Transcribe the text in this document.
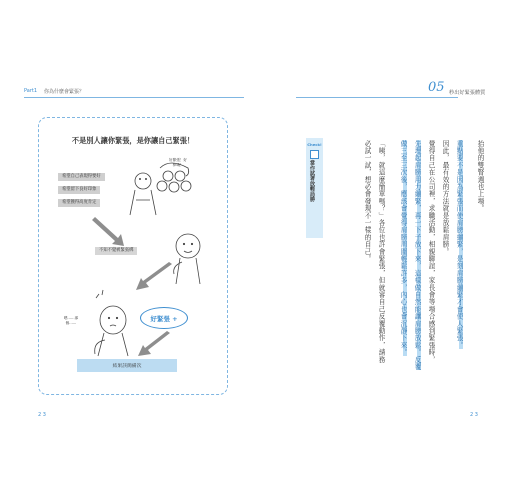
Part1 你為什麼會緊張？
不是別人讓你緊張，是你讓自己緊張！
希望自己表現得要好
希望留下良好印象
希望獲得高度肯定
好緊張！好棒哦！
不知不覺被緊張綁
嗯……那個……
好緊張 +
結果該簡備次
2 3
05 秒出好緊張體質
Check!
當作試著放輕局勝	抬他的雙腎週也上場。
重點要不是因為緊張而使肩膀繃緊，是刻肩膀繃緊才會使人緊張。
因此，最有效的方法就是放鬆肩膀。
覺得自己在公司裡，求職活動，相親聯誼，家長會等場合感到緊張時，
先理起肩膀用力繃緊，再一下子放下來，這樣做自然能讓肩膀放鬆。反覆
做三至三次後，應該會覺得肩膀周圍輕鬆許多，內心也會沉靜下來。
「咦，就這麼簡單嗎？」各位也許會緊張，但就審自己反覆動作，請務
必試一試，想必會發現不一樣的自己。
2 3
